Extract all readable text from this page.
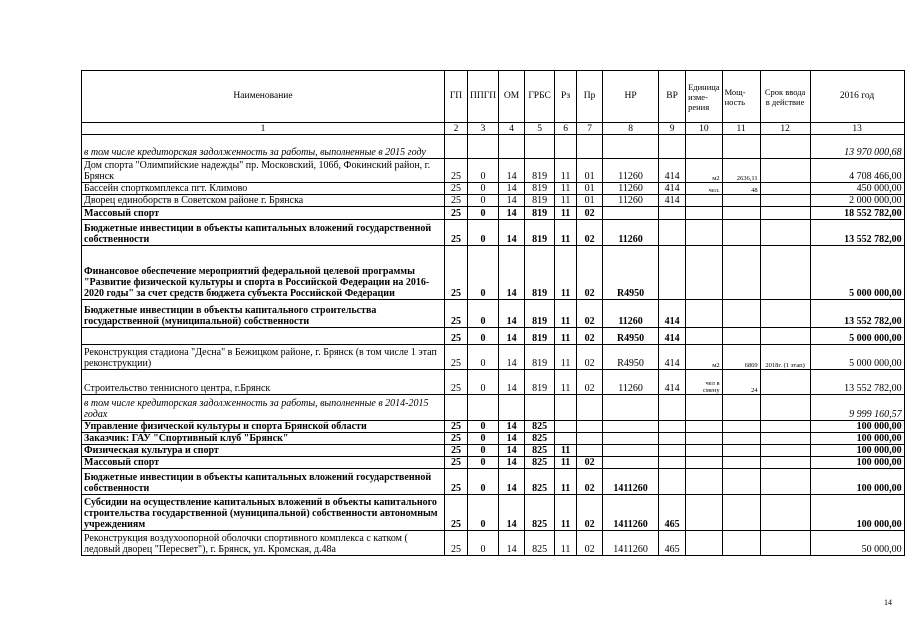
Наименование	ГП	ППГП	ОМ	ГРБС	Рз	Пр	НР	ВР	Единица изме- рения	Мощ- ность	Срок ввода в действие	2016 год
1	2	3	4	5	6	7	8	9	10	11	12	13
в том числе кредиторская задолженность за работы, выполненные в 2015 году												13 970 000,68
Дом спорта "Олимпийские надежды" пр. Московский, 106б, Фокинский район, г. Брянск	25	0	14	819	11	01	11260	414	м2	2636,11		4 708 466,00
Бассейн спорткомплекса пгт. Климово	25	0	14	819	11	01	11260	414	чел.	48		450 000,00
Дворец единоборств в Советском районе г. Брянска	25	0	14	819	11	01	11260	414				2 000 000,00
Массовый спорт	25	0	14	819	11	02						18 552 782,00
Бюджетные инвестиции в объекты капитальных вложений государственной собственности	25	0	14	819	11	02	11260					13 552 782,00
Финансовое обеспечение мероприятий федеральной целевой программы "Развитие физической культуры и спорта в Российской Федерации на 2016-2020 годы" за счет средств бюджета субъекта Российской Федерации	25	0	14	819	11	02	R4950					5 000 000,00
Бюджетные инвестиции в объекты капитального строительства государственной (муниципальной) собственности	25	0	14	819	11	02	11260	414				13 552 782,00
	25	0	14	819	11	02	R4950	414				5 000 000,00
Реконструкция стадиона "Десна" в Бежицком районе, г. Брянск (в том числе 1 этап реконструкции)	25	0	14	819	11	02	R4950	414	м2	6869	2018г. (1 этап)	5 000 000,00
Строительство теннисного центра, г.Брянск	25	0	14	819	11	02	11260	414	чел в смену	24		13 552 782,00
в том числе кредиторская задолженность за работы, выполненные в 2014-2015 годах												9 999 160,57
Управление физической культуры и спорта Брянской области	25	0	14	825								100 000,00
Заказчик: ГАУ "Спортивный клуб "Брянск"	25	0	14	825								100 000,00
Физическая культура и спорт	25	0	14	825	11							100 000,00
Массовый спорт	25	0	14	825	11	02						100 000,00
Бюджетные инвестиции в объекты капитальных вложений государственной собственности	25	0	14	825	11	02	1411260					100 000,00
Субсидии на осуществление капитальных вложений в объекты капитального строительства государственной (муниципальной) собственности автономным учреждениям	25	0	14	825	11	02	1411260	465				100 000,00
Реконструкция воздухоопорной оболочки спортивного комплекса с катком ( ледовый дворец "Пересвет"), г. Брянск, ул. Кромская, д.48а	25	0	14	825	11	02	1411260	465				50 000,00
14
